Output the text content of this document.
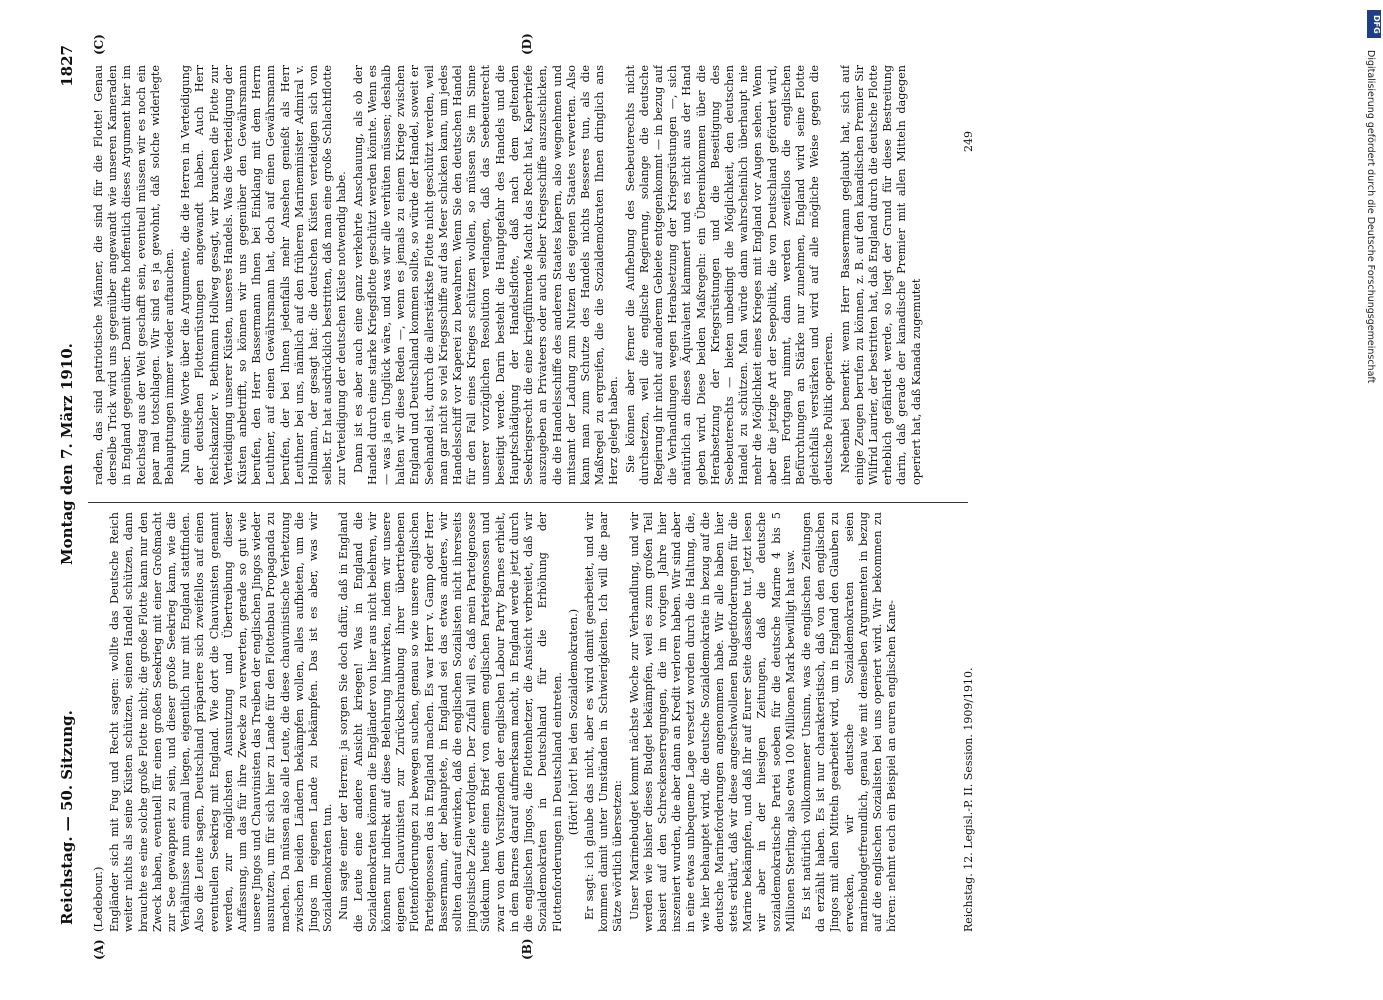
Reichstag. — 50. Sitzung.
Montag den 7. März 1910.
1827
(A)	(B)
(C)	(D)

(Ledebour.) Engländer sich mit Fug und Recht sagen: wollte das Deutsche Reich weiter nichts als seine Küsten schützen, seinen Handel schützen, dann brauchte es eine solche große Flotte nicht; die große Flotte kann nur den Zweck haben, eventuell für einen großen Seekrieg mit einer Großmacht zur See gewappnet zu sein, und dieser große Seekrieg kann, wie die Verhältnisse nun einmal liegen, eigentlich nur mit England stattfinden. Also die Leute sagen, Deutschland präpariere sich zweifellos auf einen eventuellen Seekrieg mit England. Wie dort die Chauvinisten genannt werden, zur möglichsten Ausnutzung und Übertreibung dieser Auffassung, um das für ihre Zwecke zu verwerten, gerade so gut wie unsere Jingos und Chauvinisten das Treiben der englischen Jingos wieder ausnutzen, um für sich hier zu Lande für den Flottenbau Propaganda zu machen. Da müssen also alle Leute, die diese chauvinistische Verhetzung zwischen beiden Ländern bekämpfen wollen, alles aufbieten, um die Jingos im eigenen Lande zu bekämpfen. Das ist es aber, was wir Sozialdemokraten tun. Nun sagte einer der Herren: ja sorgen Sie doch dafür, daß in England die Leute eine andere Ansicht kriegen! Was in England die Sozialdemokraten können die Engländer von hier aus nicht belehren, wir können nur indirekt auf diese Belehrung hinwirken, indem wir unsere eigenen Chauvinisten zur Zurückschraubung ihrer übertriebenen Flottenforderungen zu bewegen suchen, genau so wie unsere englischen Parteigenossen das in England machen. Es war Herr v. Gamp oder Herr Bassermann, der behauptete, in England sei das etwas anderes, wir sollten darauf einwirken, daß die englischen Sozialisten nicht ihrerseits jingoistische Ziele verfolgten. Der Zufall will es, daß mein Parteigenosse Südekum heute einen Brief von einem englischen Parteigenossen und zwar von dem Vorsitzenden der englischen Labour Party Barnes erhielt, in dem Barnes darauf aufmerksam macht, in England werde jetzt durch die englischen Jingos, die Flottenhetzer, die Ansicht verbreitet, daß wir Sozialdemokraten in Deutschland für die Erhöhung der Flottenforderungen in Deutschland eintreten. (Hört! hört! bei den Sozialdemokraten.) Er sagt: ich glaube das nicht, aber es wird damit gearbeitet, und wir kommen damit unter Umständen in Schwierigkeiten. Ich will die paar Sätze wörtlich übersetzen: Unser Marinebudget kommt nächste Woche zur Verhandlung, und wir werden wie bisher dieses Budget bekämpfen, weil es zum großen Teil basiert auf den Schreckenserregungen, die im vorigen Jahre hier inszeniert wurden, die aber dann an Kredit verloren haben. Wir sind aber in eine etwas unbequeme Lage versetzt worden durch die Haltung, die, wie hier behauptet wird, die deutsche Sozialdemokratie in bezug auf die deutsche Marineforderungen angenommen habe. Wir alle haben hier stets erklärt, daß wir diese angeschwollenen Budgetforderungen für die Marine bekämpfen, und daß Ihr auf Eurer Seite dasselbe tut. Jetzt lesen wir aber in der hiesigen Zeitungen, daß die deutsche sozialdemokratische Partei soeben für die deutsche Marine 4 bis 5 Millionen Sterling, also etwa 100 Millionen Mark bewilligt hat usw. Es ist natürlich vollkommener Unsinn, was die englischen Zeitungen da erzählt haben. Es ist nur charakteristisch, daß von den englischen Jingos mit allen Mitteln gearbeitet wird, um in England den Glauben zu erwecken, wir deutsche Sozialdemokraten seien marinebudgetfreundlich, genau wie mit denselben Argumenten in bezug auf die englischen Sozialisten bei uns operiert wird. Wir bekommen zu hören: nehmt euch ein Beispiel an euren englischen Kane-

raden, das sind patriotische Männer, die sind für die Flotte! Genau derselbe Trick wird uns gegenüber angewandt wie unseren Kameraden in England gegenüber. Damit dürfte hoffentlich dieses Argument hier im Reichstag aus der Welt geschafft sein, eventuell müssen wir es noch ein paar mal totschlagen. Wir sind es ja gewohnt, daß solche widerlegte Behauptungen immer wieder auftauchen. Nun einige Worte über die Argumente, die die Herren in Verteidigung der deutschen Flottenrüstungen angewandt haben. Auch Herr Reichskanzler v. Bethmann Hollweg gesagt, wir brauchen die Flotte zur Verteidigung unserer Küsten, unseres Handels. Was die Verteidigung der Küsten anbetrifft, so können wir uns gegenüber den Gewährsmann berufen, den Herr Bassermann Ihnen bei Einklang mit dem Herrn Leuthner, auf einen Gewährsmann hat, doch auf einen Gewährsmann berufen, der bei Ihnen jedenfalls mehr Ansehen genießt als Herr Leuthner bei uns, nämlich auf den früheren Marineminister Admiral v. Hollmann, der gesagt hat: die deutschen Küsten verteidigen sich von selbst. Er hat ausdrücklich bestritten, daß man eine große Schlachtflotte zur Verteidigung der deutschen Küste notwendig habe. Dann ist es aber auch eine ganz verkehrte Anschauung, als ob der Handel durch eine starke Kriegsflotte geschützt werden könnte. Wenn es — was ja ein Unglück wäre, und was wir alle verhüten müssen; deshalb halten wir diese Reden —, wenn es jemals zu einem Kriege zwischen England und Deutschland kommen sollte, so würde der Handel, soweit er Seehandel ist, durch die allerstärkste Flotte nicht geschützt werden, weil man gar nicht so viel Kriegsschiffe auf das Meer schicken kann, um jedes Handelsschiff vor Kaperei zu bewahren. Wenn Sie den deutschen Handel für den Fall eines Krieges schützen wollen, so müssen Sie im Sinne unserer vorzüglichen Resolution verlangen, daß das Seebeuterecht beseitigt werde. Darin besteht die Hauptgefahr des Handels und die Hauptschädigung der Handelsflotte, daß nach dem geltenden Seekriegsrecht die eine kriegführende Macht das Recht hat, Kaperbriefe auszugeben an Privateers oder auch selber Kriegsschiffe auszuschicken, die die Handelsschiffe des anderen Staates kapern, also wegnehmen und mitsamt der Ladung zum Nutzen des eigenen Staates verwerten. Also kann man zum Schutze des Handels nichts Besseres tun, als die Maßregel zu ergreifen, die die Sozialdemokraten Ihnen dringlich ans Herz gelegt haben. Sie können aber ferner die Aufhebung des Seebeuterechts nicht durchsetzen, weil die englische Regierung, solange die deutsche Regierung ihr nicht auf anderem Gebiete entgegenkommt — in bezug auf die Verhandlungen wegen Herabsetzung der Kriegsrüstungen —, sich natürlich an dieses Äquivalent klammert und es nicht aus der Hand geben wird. Diese beiden Maßregeln: ein Übereinkommen über die Herabsetzung der Kriegsrüstungen und die Beseitigung des Seebeuterechts — bieten unbedingt die Möglichkeit, den deutschen Handel zu schützen. Man würde dann wahrscheinlich überhaupt nie mehr die Möglichkeit eines Krieges mit England vor Augen sehen. Wenn aber die jetzige Art der Seepolitik, die von Deutschland gefördert wird, ihren Fortgang nimmt, dann werden zweifellos die englischen Befürchtungen an Stärke nur zunehmen, England wird seine Flotte gleichfalls verstärken und wird auf alle mögliche Weise gegen die deutsche Politik operieren. Nebenbei bemerkt: wenn Herr Bassermann geglaubt hat, sich auf einige Zeugen berufen zu können, z. B. auf den kanadischen Premier Sir Wilfrid Laurier, der bestritten hat, daß England durch die deutsche Flotte erheblich gefährdet werde, so liegt der Grund für diese Bestreitung darin, daß gerade der kanadische Premier mit allen Mitteln dagegen operiert hat, daß Kanada zugemutet

Reichstag. 12. Legisl.-P. II. Session. 1909/1910.
249	Digitalisierung gefördert durch die Deutsche Forschungsgemeinschaft
DFG
